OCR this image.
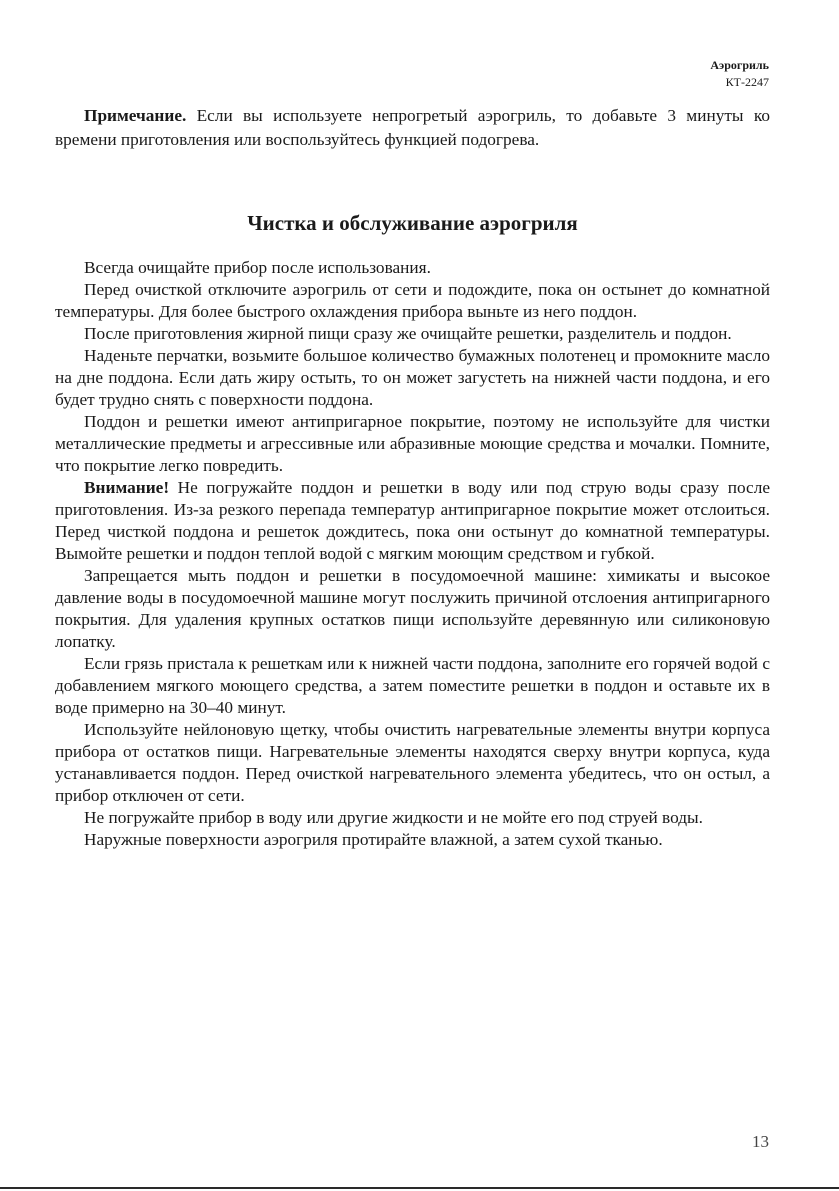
Аэрогриль
КТ-2247

Примечание. Если вы используете непрогретый аэрогриль, то добавьте 3 минуты ко времени приготовления или воспользуйтесь функцией подогрева.

Чистка и обслуживание аэрогриля

Всегда очищайте прибор после использования.

Перед очисткой отключите аэрогриль от сети и подождите, пока он остынет до комнатной температуры. Для более быстрого охлаждения прибора выньте из него поддон.

После приготовления жирной пищи сразу же очищайте решетки, разделитель и поддон.

Наденьте перчатки, возьмите большое количество бумажных полотенец и промокните масло на дне поддона. Если дать жиру остыть, то он может загустеть на нижней части поддона, и его будет трудно снять с поверхности поддона.

Поддон и решетки имеют антипригарное покрытие, поэтому не используйте для чистки металлические предметы и агрессивные или абразивные моющие средства и мочалки. Помните, что покрытие легко повредить.

Внимание! Не погружайте поддон и решетки в воду или под струю воды сразу после приготовления. Из-за резкого перепада температур антипригарное покрытие может отслоиться. Перед чисткой поддона и решеток дождитесь, пока они остынут до комнатной температуры. Вымойте решетки и поддон теплой водой с мягким моющим средством и губкой.

Запрещается мыть поддон и решетки в посудомоечной машине: химикаты и высокое давление воды в посудомоечной машине могут послужить причиной отслоения антипригарного покрытия. Для удаления крупных остатков пищи используйте деревянную или силиконовую лопатку.

Если грязь пристала к решеткам или к нижней части поддона, заполните его горячей водой с добавлением мягкого моющего средства, а затем поместите решетки в поддон и оставьте их в воде примерно на 30–40 минут.

Используйте нейлоновую щетку, чтобы очистить нагревательные элементы внутри корпуса прибора от остатков пищи. Нагревательные элементы находятся сверху внутри корпуса, куда устанавливается поддон. Перед очисткой нагревательного элемента убедитесь, что он остыл, а прибор отключен от сети.

Не погружайте прибор в воду или другие жидкости и не мойте его под струей воды.

Наружные поверхности аэрогриля протирайте влажной, а затем сухой тканью.

13
